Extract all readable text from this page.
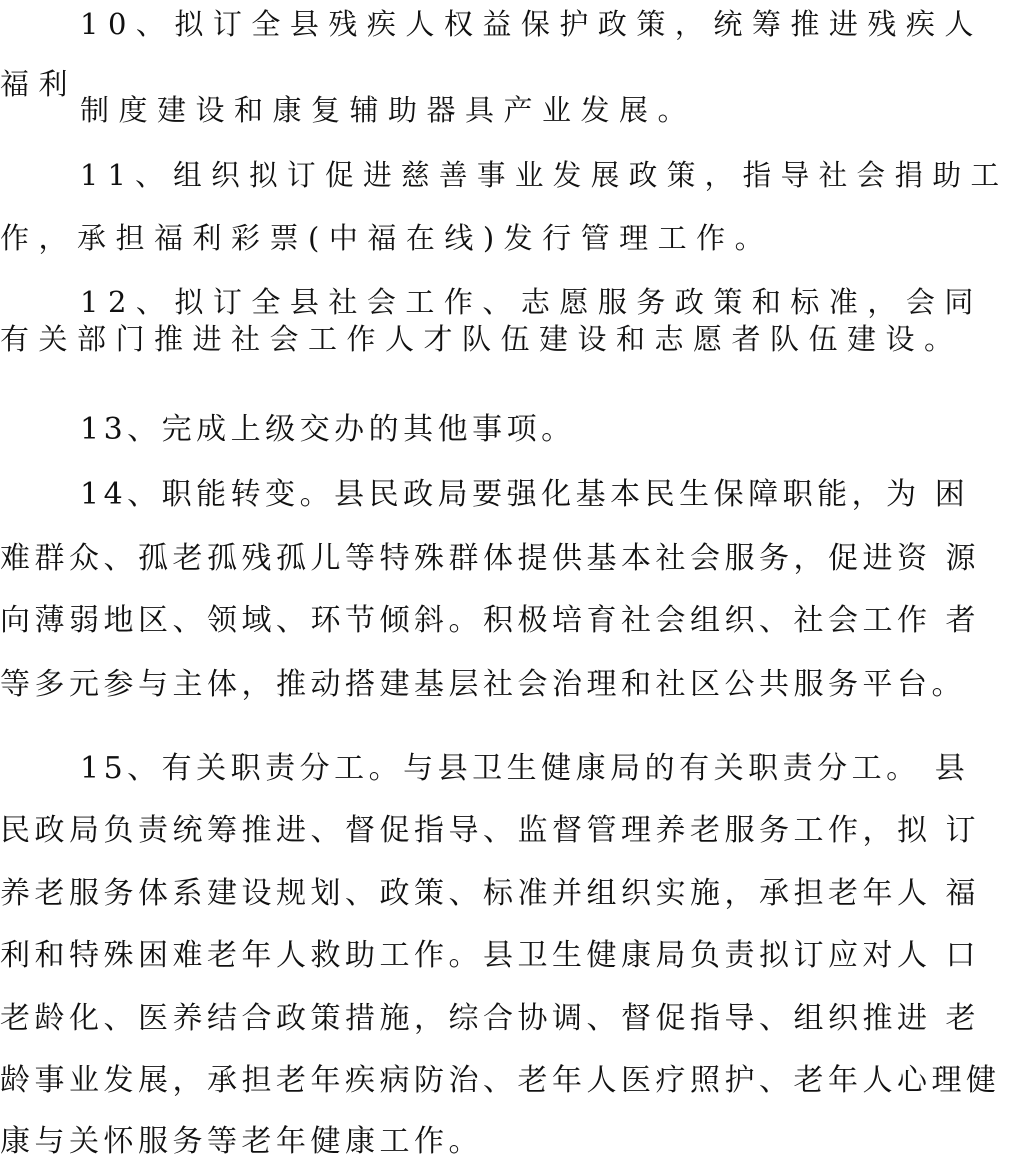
10、拟订全县残疾人权益保护政策，统筹推进残疾人
福利
制度建设和康复辅助器具产业发展。
11、组织拟订促进慈善事业发展政策，指导社会捐助工
作，承担福利彩票(中福在线)发行管理工作。
12、拟订全县社会工作、志愿服务政策和标准，会同
有关部门推进社会工作人才队伍建设和志愿者队伍建设。
13、完成上级交办的其他事项。
14、职能转变。县民政局要强化基本民生保障职能，为 困
难群众、孤老孤残孤儿等特殊群体提供基本社会服务，促进资 源
向薄弱地区、领域、环节倾斜。积极培育社会组织、社会工作 者
等多元参与主体，推动搭建基层社会治理和社区公共服务平台。
15、有关职责分工。与县卫生健康局的有关职责分工。 县
民政局负责统筹推进、督促指导、监督管理养老服务工作，拟 订
养老服务体系建设规划、政策、标准并组织实施，承担老年人 福
利和特殊困难老年人救助工作。县卫生健康局负责拟订应对人 口
老龄化、医养结合政策措施，综合协调、督促指导、组织推进 老
龄事业发展，承担老年疾病防治、老年人医疗照护、老年人心理健
康与关怀服务等老年健康工作。
